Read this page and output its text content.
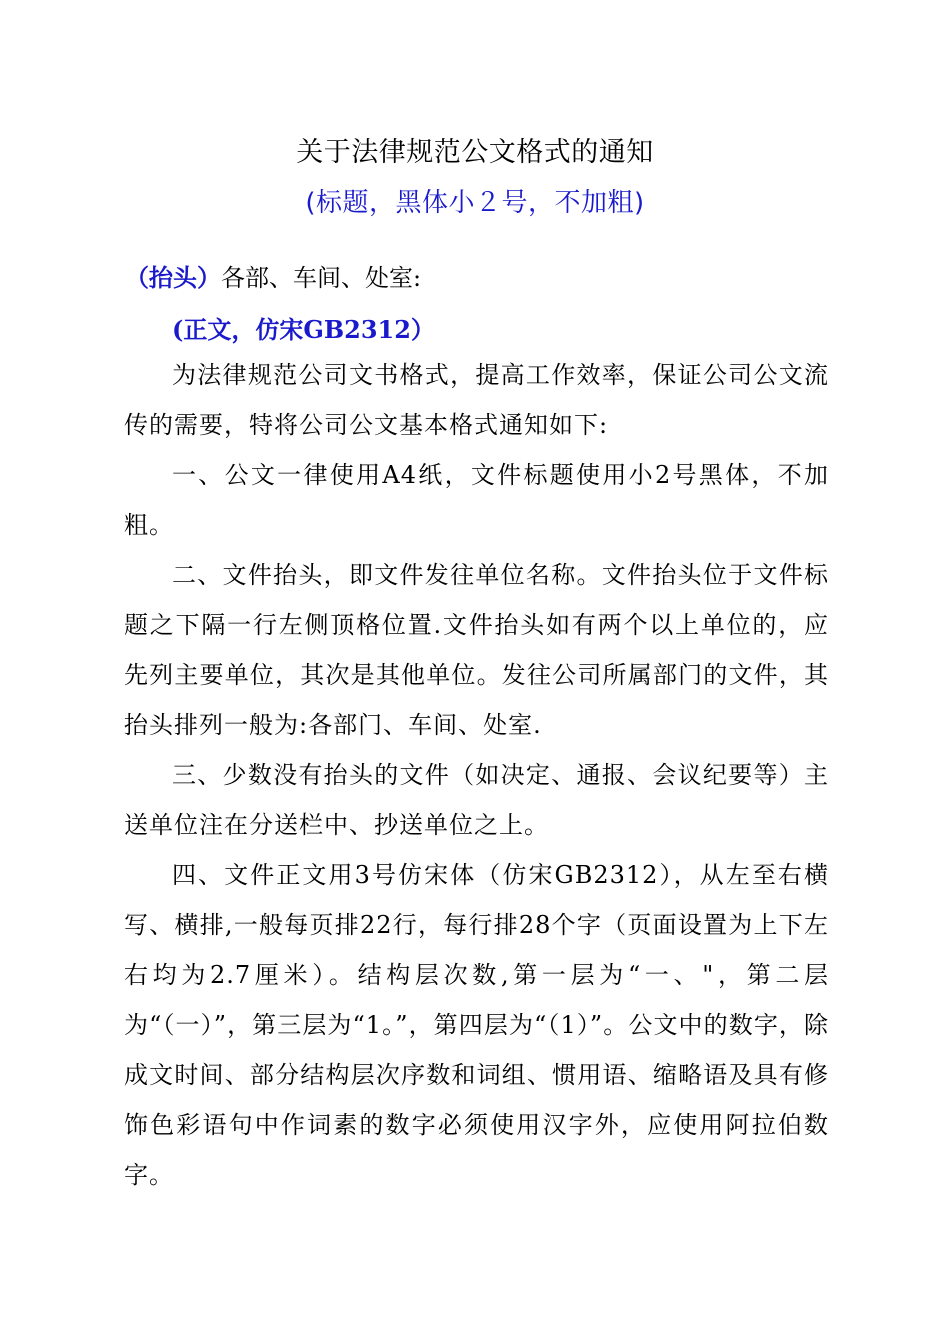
关于法律规范公文格式的通知
(标题，黑体小２号，不加粗)
（抬头）各部、车间、处室:
(正文，仿宋GB2312）

为法律规范公司文书格式，提高工作效率，保证公司公文流传的需要，特将公司公文基本格式通知如下:

一、公文一律使用A4纸，文件标题使用小2号黑体，不加粗。

二、文件抬头，即文件发往单位名称。文件抬头位于文件标题之下隔一行左侧顶格位置.文件抬头如有两个以上单位的，应先列主要单位，其次是其他单位。发往公司所属部门的文件，其抬头排列一般为:各部门、车间、处室.

三、少数没有抬头的文件（如决定、通报、会议纪要等）主送单位注在分送栏中、抄送单位之上。

四、文件正文用3号仿宋体（仿宋GB2312），从左至右横写、横排,一般每页排22行，每行排28个字（页面设置为上下左右均为2.7厘米）。结构层次数,第一层为“一、"，第二层为“（一）”，第三层为“1。”，第四层为“（1）”。公文中的数字，除成文时间、部分结构层次序数和词组、惯用语、缩略语及具有修饰色彩语句中作词素的数字必须使用汉字外，应使用阿拉伯数字。
